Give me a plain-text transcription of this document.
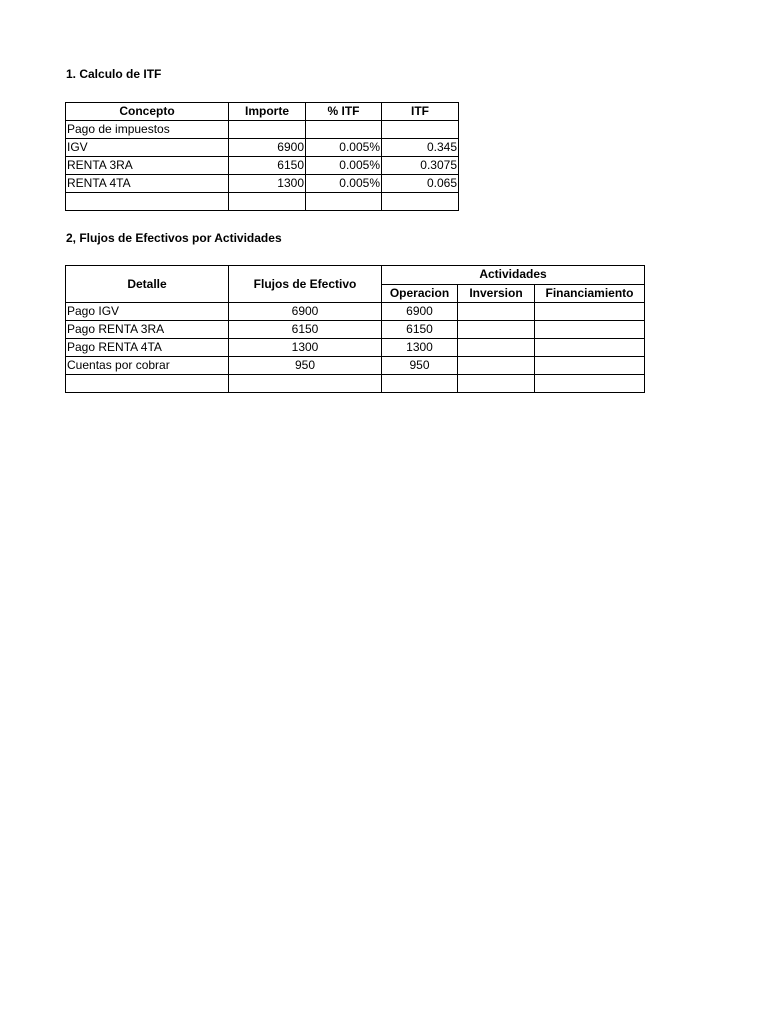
1. Calculo de ITF

Concepto	Importe	% ITF	ITF
Pago de impuestos			
IGV	6900	0.005%	0.345
RENTA 3RA	6150	0.005%	0.3075
RENTA 4TA	1300	0.005%	0.065

2, Flujos de Efectivos por Actividades

Detalle	Flujos de Efectivo	Actividades		
		Operacion	Inversion	Financiamiento
Pago IGV	6900	6900		
Pago RENTA 3RA	6150	6150		
Pago RENTA 4TA	1300	1300		
Cuentas por cobrar	950	950		
